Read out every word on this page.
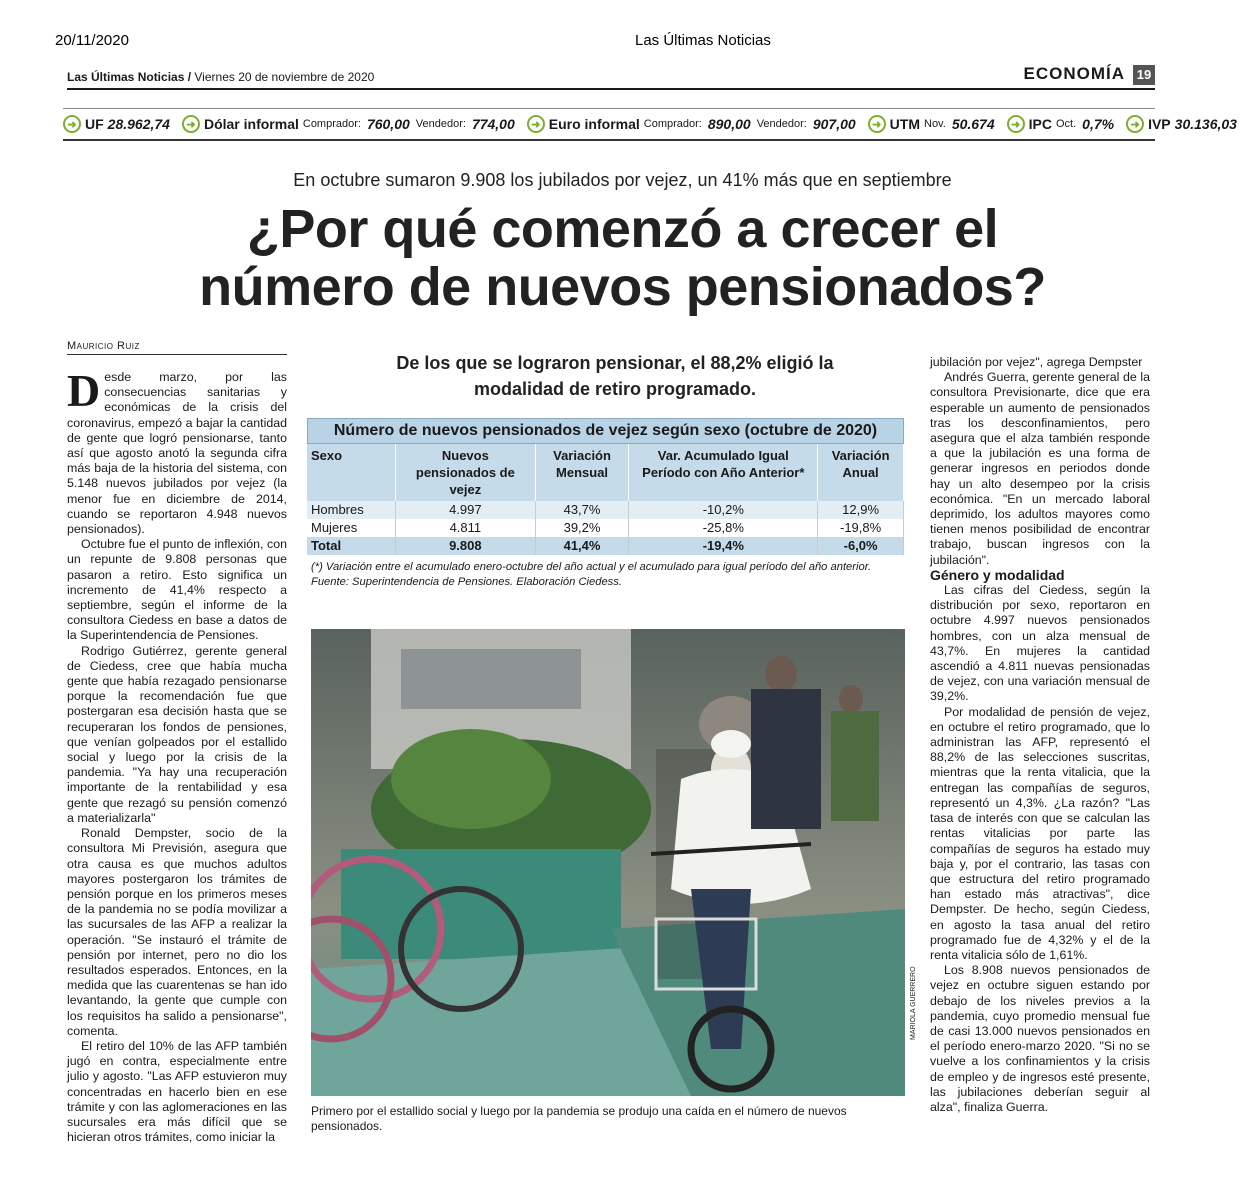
20/11/2020	Las Últimas Noticias
Las Últimas Noticias / Viernes 20 de noviembre de 2020	ECONOMÍA 19
➜ UF 28.962,74	➜ Dólar informal Comprador: 760,00 Vendedor: 774,00	➜ Euro informal Comprador: 890,00 Vendedor: 907,00	➜ UTM Nov. 50.674	➜ IPC Oct. 0,7%	➜ IVP 30.136,03
En octubre sumaron 9.908 los jubilados por vejez, un 41% más que en septiembre
¿Por qué comenzó a crecer el
número de nuevos pensionados?
Mauricio Ruiz

Desde marzo, por las consecuencias sanitarias y económicas de la crisis del coronavirus, empezó a bajar la cantidad de gente que logró pensionarse, tanto así que agosto anotó la segunda cifra más baja de la historia del sistema, con 5.148 nuevos jubilados por vejez (la menor fue en diciembre de 2014, cuando se reportaron 4.948 nuevos pensionados).

Octubre fue el punto de inflexión, con un repunte de 9.808 personas que pasaron a retiro. Esto significa un incremento de 41,4% respecto a septiembre, según el informe de la consultora Ciedess en base a datos de la Superintendencia de Pensiones.

Rodrigo Gutiérrez, gerente general de Ciedess, cree que había mucha gente que había rezagado pensionarse porque la recomendación fue que postergaran esa decisión hasta que se recuperaran los fondos de pensiones, que venían golpeados por el estallido social y luego por la crisis de la pandemia. "Ya hay una recuperación importante de la rentabilidad y esa gente que rezagó su pensión comenzó a materializarla"

Ronald Dempster, socio de la consultora Mi Previsión, asegura que otra causa es que muchos adultos mayores postergaron los trámites de pensión porque en los primeros meses de la pandemia no se podía movilizar a las sucursales de las AFP a realizar la operación. "Se instauró el trámite de pensión por internet, pero no dio los resultados esperados. Entonces, en la medida que las cuarentenas se han ido levantando, la gente que cumple con los requisitos ha salido a pensionarse", comenta.

El retiro del 10% de las AFP también jugó en contra, especialmente entre julio y agosto. "Las AFP estuvieron muy concentradas en hacerlo bien en ese trámite y con las aglomeraciones en las sucursales era más difícil que se hicieran otros trámites, como iniciar la

De los que se lograron pensionar, el 88,2% eligió la
modalidad de retiro programado.
Número de nuevos pensionados de vejez según sexo (octubre de 2020)
Sexo	Nuevos pensionados de vejez	Variación Mensual	Var. Acumulado Igual Período con Año Anterior*	Variación Anual
Hombres	4.997	43,7%	-10,2%	12,9%
Mujeres	4.811	39,2%	-25,8%	-19,8%
Total	9.808	41,4%	-19,4%	-6,0%
(*) Variación entre el acumulado enero-octubre del año actual y el acumulado para igual período del año anterior. Fuente: Superintendencia de Pensiones. Elaboración Ciedess.
MARIOLA GUERRERO
Primero por el estallido social y luego por la pandemia se produjo una caída en el número de nuevos pensionados.

jubilación por vejez", agrega Dempster

Andrés Guerra, gerente general de la consultora Previsionarte, dice que era esperable un aumento de pensionados tras los desconfinamientos, pero asegura que el alza también responde a que la jubilación es una forma de generar ingresos en periodos donde hay un alto desempeo por la crisis económica. "En un mercado laboral deprimido, los adultos mayores como tienen menos posibilidad de encontrar trabajo, buscan ingresos con la jubilación".

Género y modalidad

Las cifras del Ciedess, según la distribución por sexo, reportaron en octubre 4.997 nuevos pensionados hombres, con un alza mensual de 43,7%. En mujeres la cantidad ascendió a 4.811 nuevas pensionadas de vejez, con una variación mensual de 39,2%.

Por modalidad de pensión de vejez, en octubre el retiro programado, que lo administran las AFP, representó el 88,2% de las selecciones suscritas, mientras que la renta vitalicia, que la entregan las compañías de seguros, representó un 4,3%. ¿La razón? "Las tasa de interés con que se calculan las rentas vitalicias por parte las compañías de seguros ha estado muy baja y, por el contrario, las tasas con que estructura del retiro programado han estado más atractivas", dice Dempster. De hecho, según Ciedess, en agosto la tasa anual del retiro programado fue de 4,32% y el de la renta vitalicia sólo de 1,61%.

Los 8.908 nuevos pensionados de vejez en octubre siguen estando por debajo de los niveles previos a la pandemia, cuyo promedio mensual fue de casi 13.000 nuevos pensionados en el período enero-marzo 2020. "Si no se vuelve a los confinamientos y la crisis de empleo y de ingresos esté presente, las jubilaciones deberían seguir al alza", finaliza Guerra.
